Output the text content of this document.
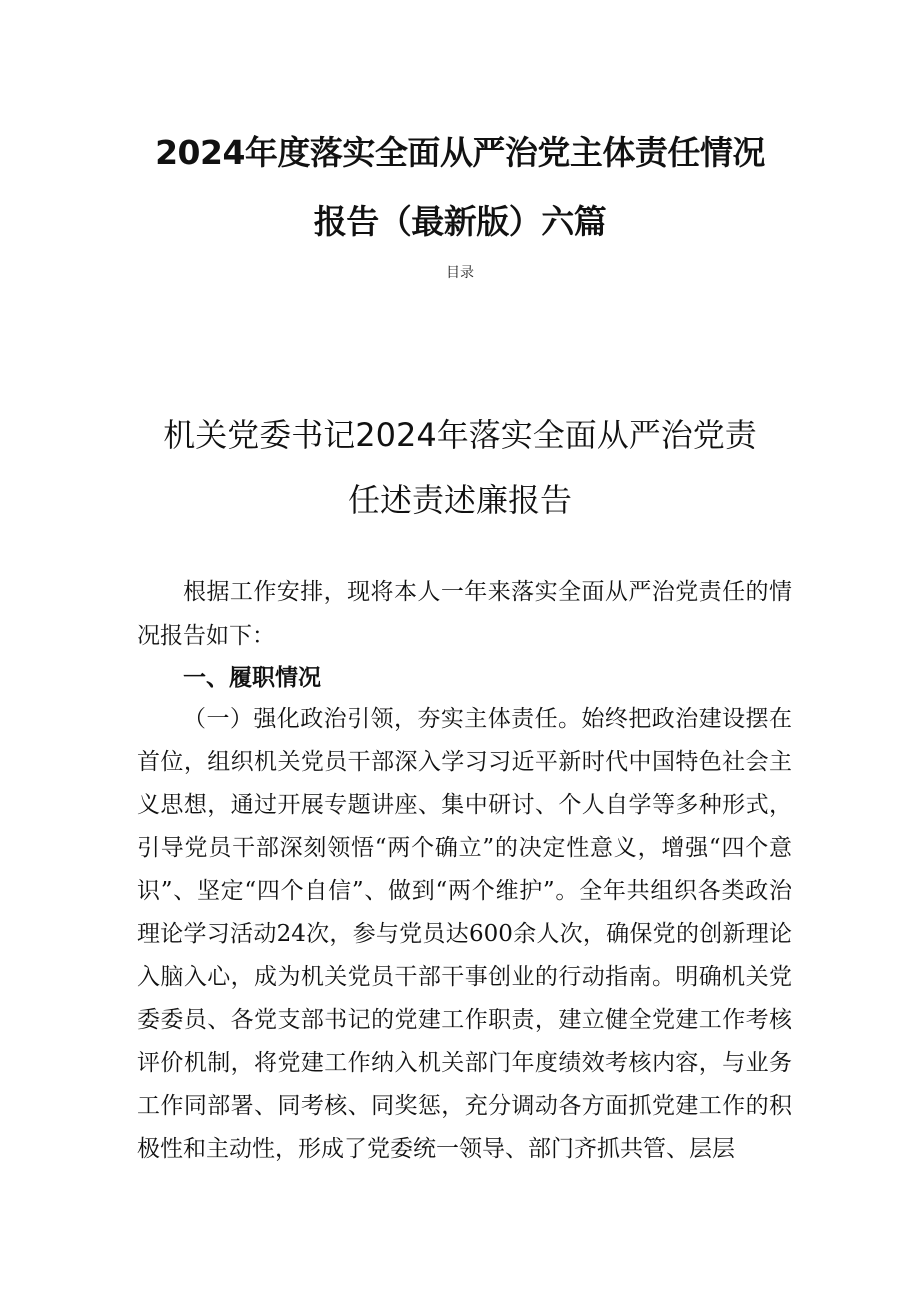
2024年度落实全面从严治党主体责任情况
报告（最新版）六篇
目录
机关党委书记2024年落实全面从严治党责
任述责述廉报告

根据工作安排，现将本人一年来落实全面从严治党责任的情况报告如下：

一、履职情况

（一）强化政治引领，夯实主体责任。始终把政治建设摆在首位，组织机关党员干部深入学习习近平新时代中国特色社会主义思想，通过开展专题讲座、集中研讨、个人自学等多种形式，引导党员干部深刻领悟“两个确立”的决定性意义，增强“四个意识”、坚定“四个自信”、做到“两个维护”。全年共组织各类政治理论学习活动24次，参与党员达600余人次，确保党的创新理论入脑入心，成为机关党员干部干事创业的行动指南。明确机关党委委员、各党支部书记的党建工作职责，建立健全党建工作考核评价机制，将党建工作纳入机关部门年度绩效考核内容，与业务工作同部署、同考核、同奖惩，充分调动各方面抓党建工作的积极性和主动性，形成了党委统一领导、部门齐抓共管、层层
